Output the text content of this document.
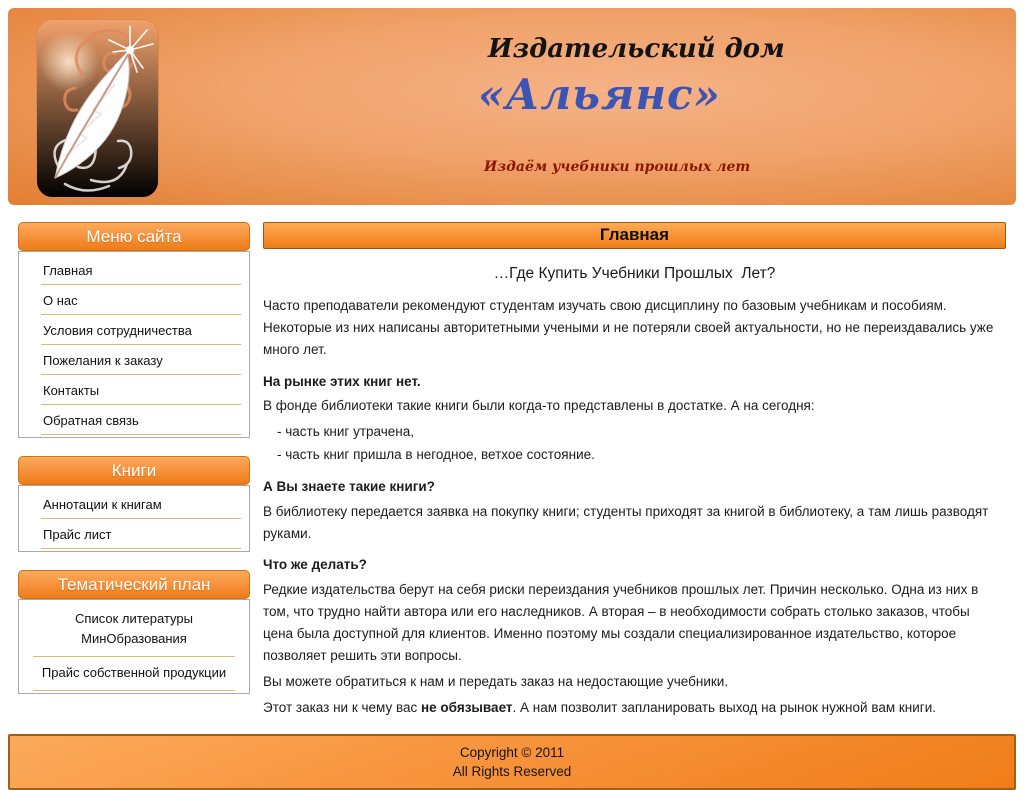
Издательский дом
«Альянс»
Издаём учебники прошлых лет
Меню сайта
Главная
О нас
Условия сотрудничества
Пожелания к заказу
Контакты
Обратная связь
Книги
Аннотации к книгам
Прайс лист
Тематический план
Список литературы МинОбразования
Прайс собственной продукции
Главная
…Где Купить Учебники Прошлых  Лет?

Часто преподаватели рекомендуют студентам изучать свою дисциплину по базовым учебникам и пособиям. Некоторые из них написаны авторитетными учеными и не потеряли своей актуальности, но не переиздавались уже много лет.

На рынке этих книг нет.

В фонде библиотеки такие книги были когда-то представлены в достатке. А на сегодня:

- часть книг утрачена,
- часть книг пришла в негодное, ветхое состояние.

А Вы знаете такие книги?

В библиотеку передается заявка на покупку книги; студенты приходят за книгой в библиотеку, а там лишь разводят руками.

Что же делать?

Редкие издательства берут на себя риски переиздания учебников прошлых лет. Причин несколько. Одна из них в том, что трудно найти автора или его наследников. А вторая – в необходимости собрать столько заказов, чтобы цена была доступной для клиентов. Именно поэтому мы создали специализированное издательство, которое позволяет решить эти вопросы.

Вы можете обратиться к нам и передать заказ на недостающие учебники.

Этот заказ ни к чему вас не обязывает. А нам позволит запланировать выход на рынок нужной вам книги.

Copyright © 2011
All Rights Reserved
